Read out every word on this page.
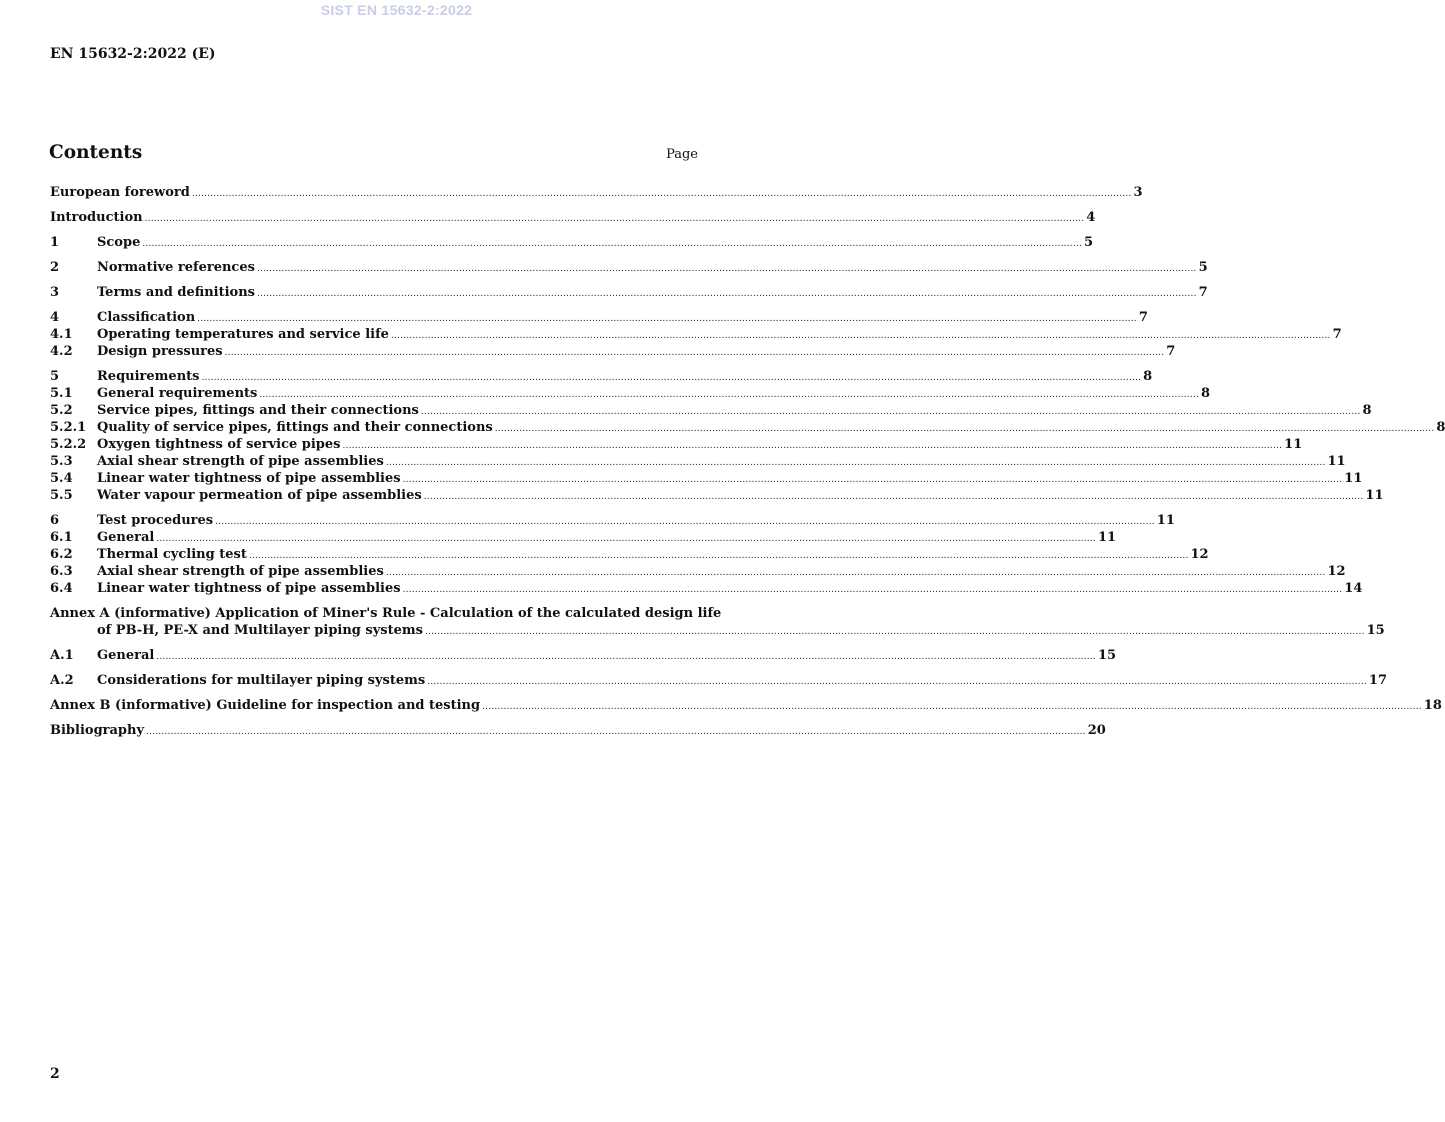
SIST EN 15632-2:2022
EN 15632-2:2022 (E)
Contents	Page
European foreword .....	3
Introduction .....	4
1	Scope .....	5
2	Normative references .....	5
3	Terms and definitions .....	7
4	Classification .....	7
4.1	Operating temperatures and service life .....	7
4.2	Design pressures .....	7
5	Requirements .....	8
5.1	General requirements .....	8
5.2	Service pipes, fittings and their connections .....	8
5.2.1 Quality of service pipes, fittings and their connections .....	8
5.2.2 Oxygen tightness of service pipes .....	11
5.3	Axial shear strength of pipe assemblies .....	11
5.4	Linear water tightness of pipe assemblies .....	11
5.5	Water vapour permeation of pipe assemblies .....	11
6	Test procedures .....	11
6.1	General .....	11
6.2	Thermal cycling test .....	12
6.3	Axial shear strength of pipe assemblies .....	12
6.4	Linear water tightness of pipe assemblies .....	14
Annex A (informative) Application of Miner's Rule - Calculation of the calculated design life
of PB-H, PE-X and Multilayer piping systems .....	15
A.1	General .....	15
A.2	Considerations for multilayer piping systems .....	17
Annex B (informative) Guideline for inspection and testing .....	18
Bibliography .....	20
2
